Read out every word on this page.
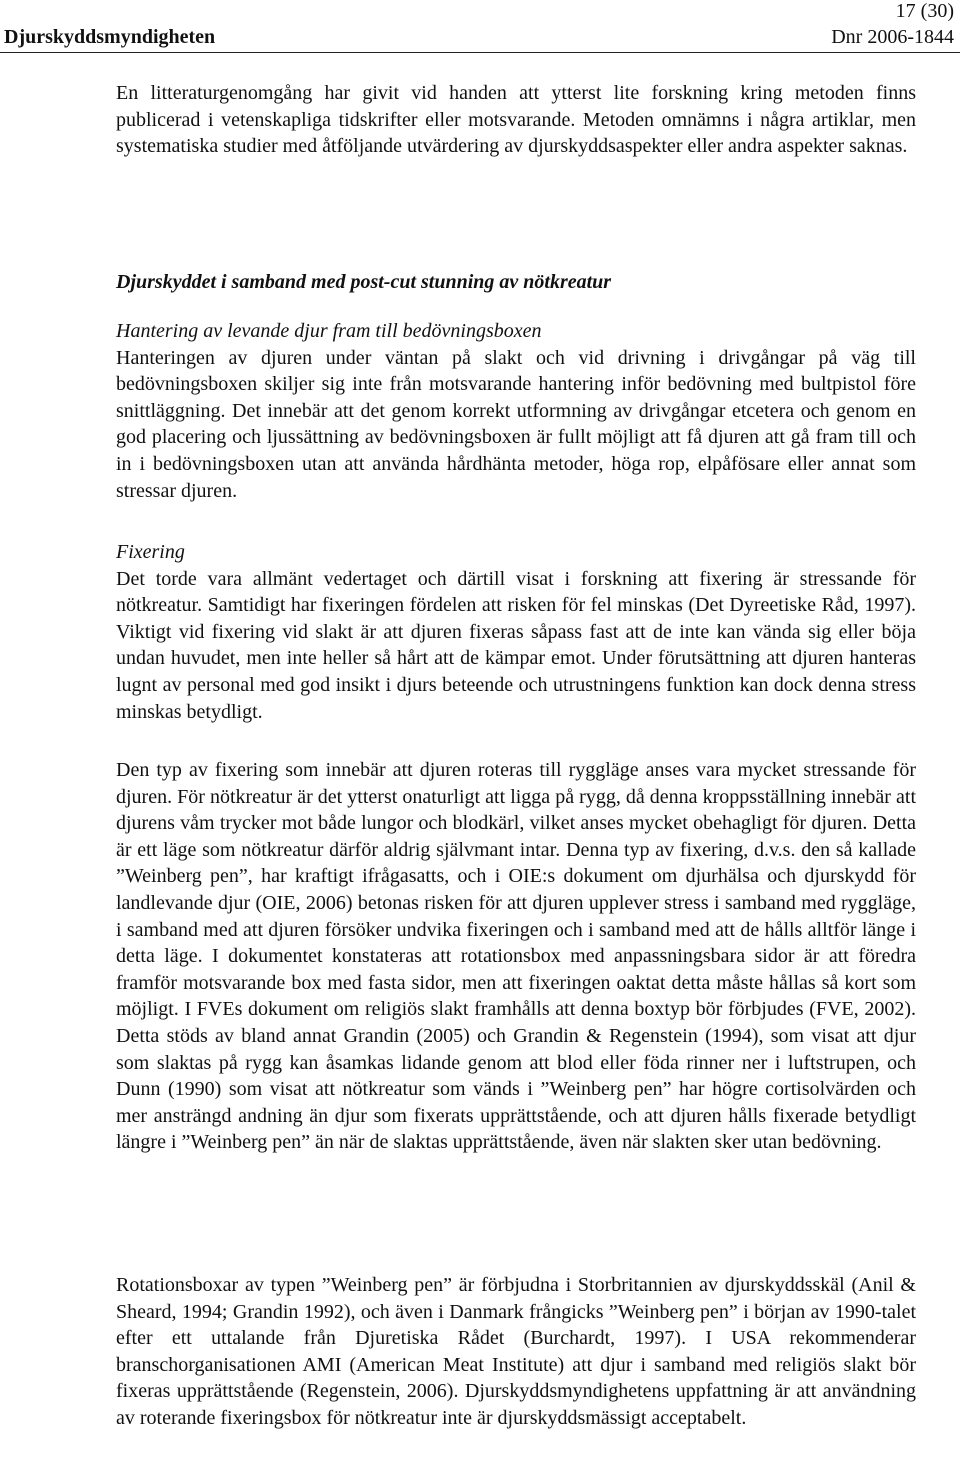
17 (30)
Djurskyddsmyndigheten	Dnr 2006-1844

En litteraturgenomgång har givit vid handen att ytterst lite forskning kring metoden finns publicerad i vetenskapliga tidskrifter eller motsvarande. Metoden omnämns i några artiklar, men systematiska studier med åtföljande utvärdering av djurskyddsaspekter eller andra aspekter saknas.

Djurskyddet i samband med post-cut stunning av nötkreatur
Hantering av levande djur fram till bedövningsboxen
Hanteringen av djuren under väntan på slakt och vid drivning i drivgångar på väg till bedövningsboxen skiljer sig inte från motsvarande hantering inför bedövning med bultpistol före snittläggning. Det innebär att det genom korrekt utformning av drivgångar etcetera och genom en god placering och ljussättning av bedövningsboxen är fullt möjligt att få djuren att gå fram till och in i bedövningsboxen utan att använda hårdhänta metoder, höga rop, elpåfösare eller annat som stressar djuren.
Fixering
Det torde vara allmänt vedertaget och därtill visat i forskning att fixering är stressande för nötkreatur. Samtidigt har fixeringen fördelen att risken för fel minskas (Det Dyreetiske Råd, 1997). Viktigt vid fixering vid slakt är att djuren fixeras såpass fast att de inte kan vända sig eller böja undan huvudet, men inte heller så hårt att de kämpar emot. Under förutsättning att djuren hanteras lugnt av personal med god insikt i djurs beteende och utrustningens funktion kan dock denna stress minskas betydligt.

Den typ av fixering som innebär att djuren roteras till ryggläge anses vara mycket stressande för djuren. För nötkreatur är det ytterst onaturligt att ligga på rygg, då denna kroppsställning innebär att djurens våm trycker mot både lungor och blodkärl, vilket anses mycket obehagligt för djuren. Detta är ett läge som nötkreatur därför aldrig självmant intar. Denna typ av fixering, d.v.s. den så kallade ”Weinberg pen”, har kraftigt ifrågasatts, och i OIE:s dokument om djurhälsa och djurskydd för landlevande djur (OIE, 2006) betonas risken för att djuren upplever stress i samband med ryggläge, i samband med att djuren försöker undvika fixeringen och i samband med att de hålls alltför länge i detta läge. I dokumentet konstateras att rotationsbox med anpassningsbara sidor är att föredra framför motsvarande box med fasta sidor, men att fixeringen oaktat detta måste hållas så kort som möjligt. I FVEs dokument om religiös slakt framhålls att denna boxtyp bör förbjudes (FVE, 2002). Detta stöds av bland annat Grandin (2005) och Grandin & Regenstein (1994), som visat att djur som slaktas på rygg kan åsamkas lidande genom att blod eller föda rinner ner i luftstrupen, och Dunn (1990) som visat att nötkreatur som vänds i ”Weinberg pen” har högre cortisolvärden och mer ansträngd andning än djur som fixerats upprättstående, och att djuren hålls fixerade betydligt längre i ”Weinberg pen” än när de slaktas upprättstående, även när slakten sker utan bedövning.

Rotationsboxar av typen ”Weinberg pen” är förbjudna i Storbritannien av djurskyddsskäl (Anil & Sheard, 1994; Grandin 1992), och även i Danmark frångicks ”Weinberg pen” i början av 1990-talet efter ett uttalande från Djuretiska Rådet (Burchardt, 1997). I USA rekommenderar branschorganisationen AMI (American Meat Institute) att djur i samband med religiös slakt bör fixeras upprättstående (Regenstein, 2006). Djurskyddsmyndighetens uppfattning är att användning av roterande fixeringsbox för nötkreatur inte är djurskyddsmässigt acceptabelt.
